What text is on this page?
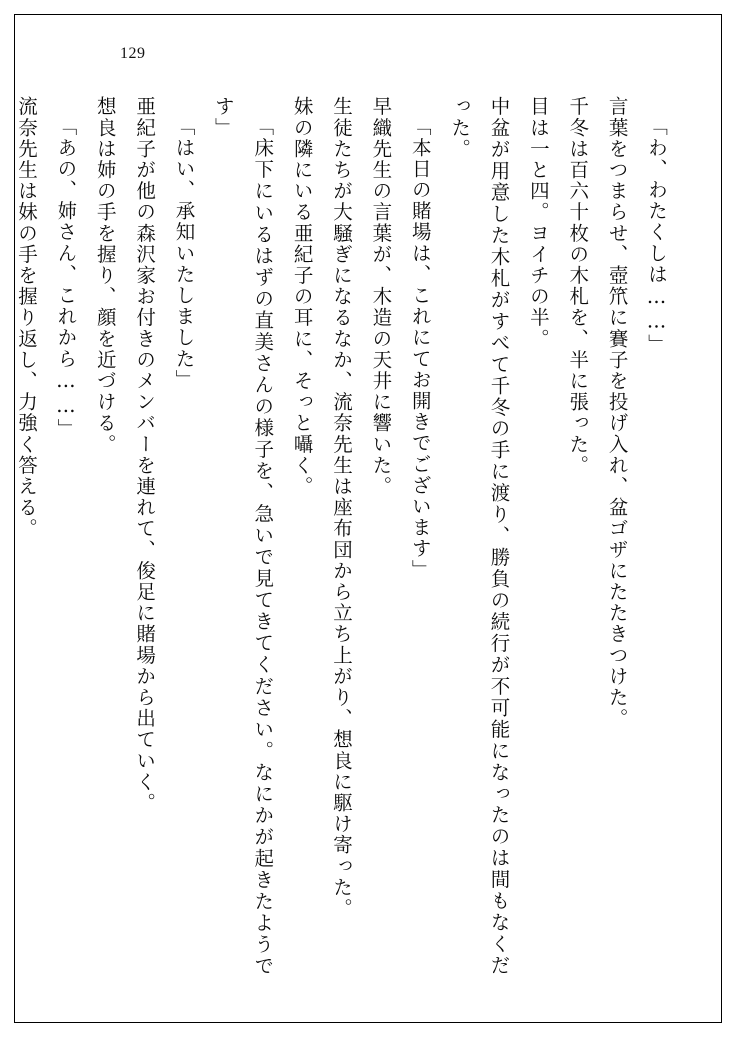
129

「わ、わたくしは……」

言葉をつまらせ、壺笊に賽子を投げ入れ、盆ゴザにたたきつけた。

千冬は百六十枚の木札を、半に張った。

目は一と四。ヨイチの半。

中盆が用意した木札がすべて千冬の手に渡り、勝負の続行が不可能になったのは間もなくだった。

「本日の賭場は、これにてお開きでございます」

早織先生の言葉が、木造の天井に響いた。

生徒たちが大騒ぎになるなか、流奈先生は座布団から立ち上がり、想良に駆け寄った。

妹の隣にいる亜紀子の耳に、そっと囁く。

「床下にいるはずの直美さんの様子を、急いで見てきてください。なにかが起きたようです」

「はい、承知いたしました」

亜紀子が他の森沢家お付きのメンバーを連れて、俊足に賭場から出ていく。

想良は姉の手を握り、顔を近づける。

「あの、姉さん、これから……」

流奈先生は妹の手を握り返し、力強く答える。
